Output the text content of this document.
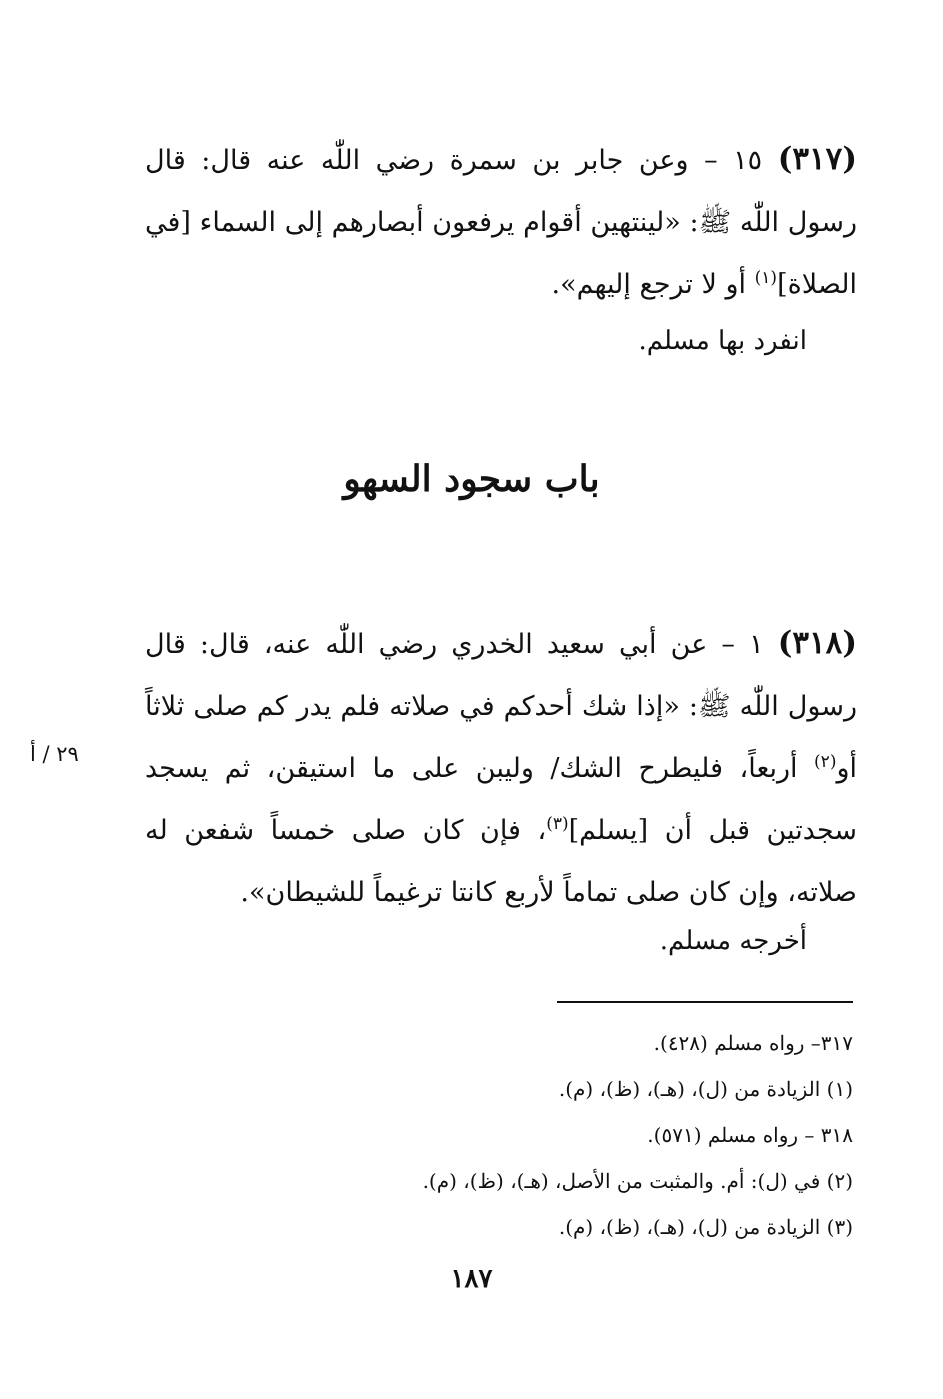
(٣١٧) ١٥ – وعن جابر بن سمرة رضي اللّٰه عنه قال: قال رسول اللّٰه ﷺ: «لينتهين أقوام يرفعون أبصارهم إلى السماء [في الصلاة]$^{(١)}$ أو لا ترجع إليهم».

انفرد بها مسلم.
باب سجود السهو

(٣١٨) ١ – عن أبي سعيد الخدري رضي اللّٰه عنه، قال: قال رسول اللّٰه ﷺ: «إذا شك أحدكم في صلاته فلم يدر كم صلى ثلاثاً أو$^{(٢)}$ أربعاً، فليطرح الشك/ وليبن على ما استيقن، ثم يسجد سجدتين قبل أن [يسلم]$^{(٣)}$، فإن كان صلى خمساً شفعن له صلاته، وإن كان صلى تماماً لأربع كانتا ترغيماً للشيطان».

أخرجه مسلم.
٢٩ / أ
٣١٧– رواه مسلم (٤٢٨).
(١) الزيادة من (ل)، (هـ)، (ظ)، (م).
٣١٨ – رواه مسلم (٥٧١).
(٢) في (ل): أم. والمثبت من الأصل، (هـ)، (ظ)، (م).
(٣) الزيادة من (ل)، (هـ)، (ظ)، (م).
١٨٧
